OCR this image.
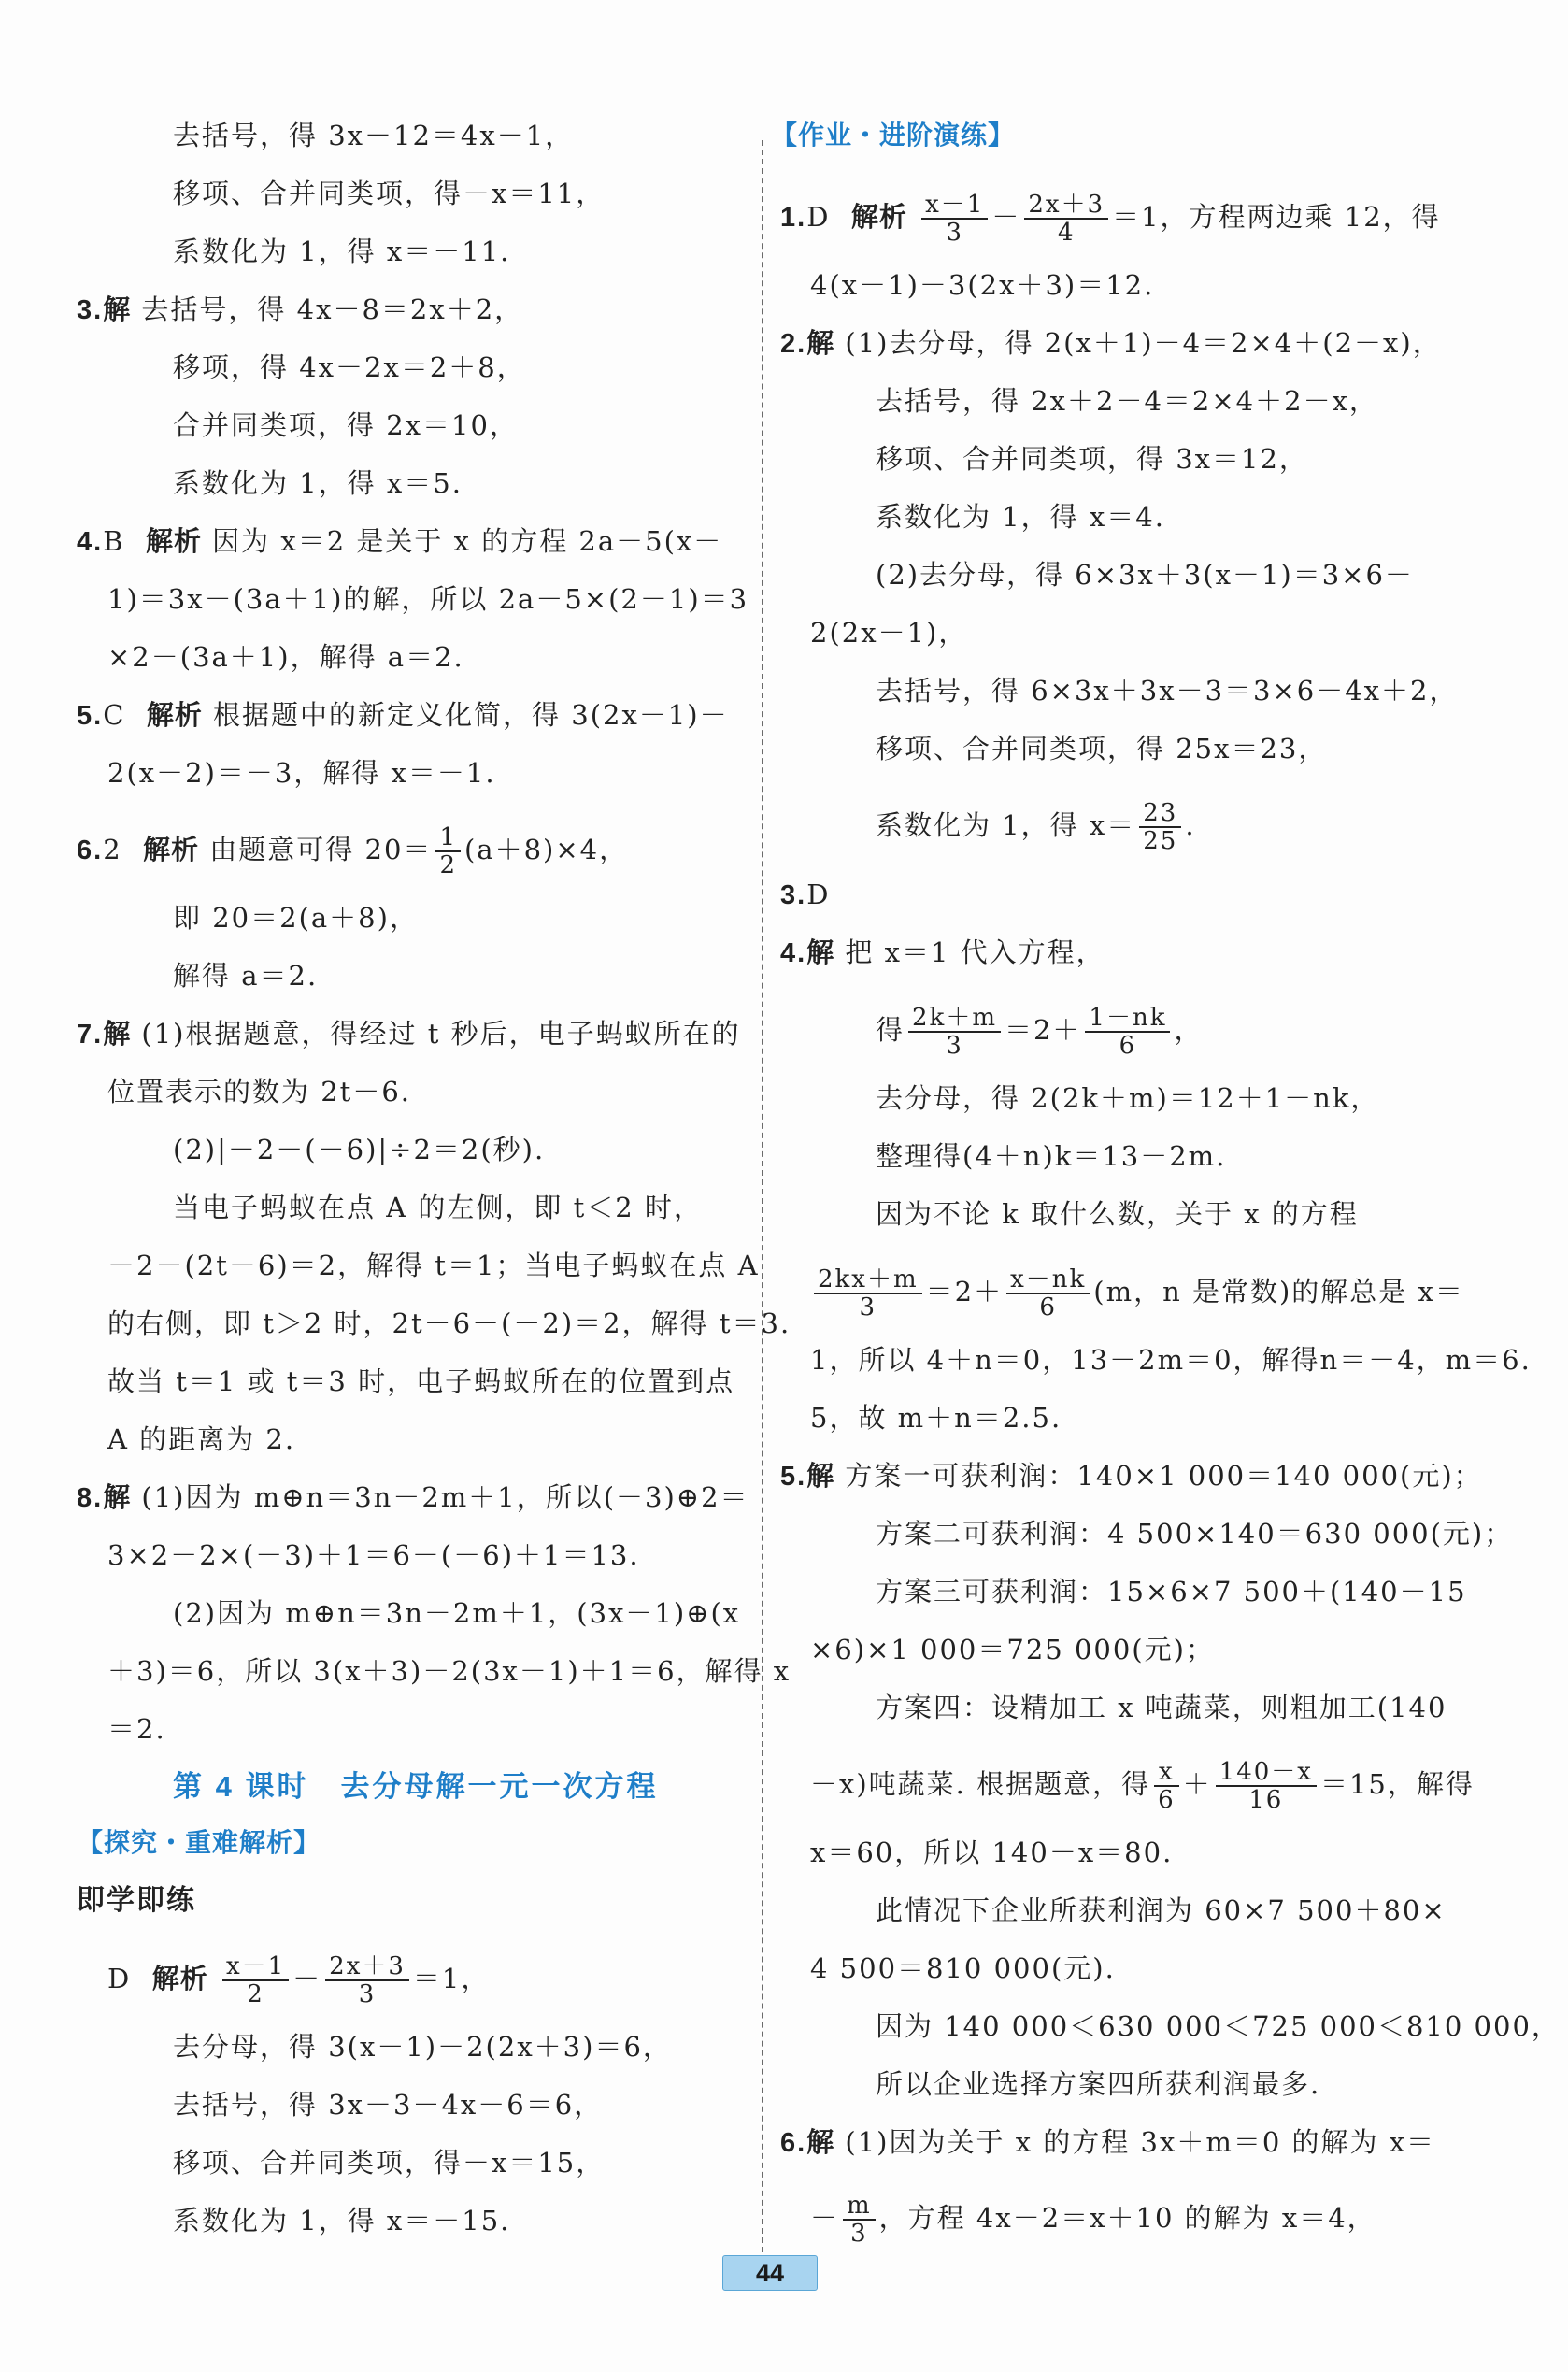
去括号，得 3x－12＝4x－1，
移项、合并同类项，得－x＝11，
系数化为 1，得 x＝－11.
3.解 去括号，得 4x－8＝2x＋2，
移项，得 4x－2x＝2＋8，
合并同类项，得 2x＝10，
系数化为 1，得 x＝5.
4.B 解析 因为 x＝2 是关于 x 的方程 2a－5(x－
1)＝3x－(3a＋1)的解，所以 2a－5×(2－1)＝3
×2－(3a＋1)，解得 a＝2.
5.C 解析 根据题中的新定义化简，得 3(2x－1)－
2(x－2)＝－3，解得 x＝－1.
6.2 解析 由题意可得 $20= \frac{1}{2} (a+8)\times 4$，
即 20＝2(a＋8)，
解得 a＝2.
7.解 (1)根据题意，得经过 t 秒后，电子蚂蚁所在的
位置表示的数为 2t－6.
(2)|－2－(－6)|÷2＝2(秒).
当电子蚂蚁在点 A 的左侧，即 t＜2 时，
－2－(2t－6)＝2，解得 t＝1；当电子蚂蚁在点 A
的右侧，即 t＞2 时，2t－6－(－2)＝2，解得 t＝3.
故当 t＝1 或 t＝3 时，电子蚂蚁所在的位置到点
A 的距离为 2.
8.解 (1)因为 m⊕n＝3n－2m＋1，所以(－3)⊕2＝
3×2－2×(－3)＋1＝6－(－6)＋1＝13.
(2)因为 m⊕n＝3n－2m＋1，(3x－1)⊕(x
＋3)＝6，所以 3(x＋3)－2(3x－1)＋1＝6，解得 x
＝2.
第 4 课时　去分母解一元一次方程
【探究・重难解析】
即学即练
D 解析 $\frac{x-1}{2} - \frac{2x+3}{3} =1$，
去分母，得 3(x－1)－2(2x＋3)＝6，
去括号，得 3x－3－4x－6＝6，
移项、合并同类项，得－x＝15，
系数化为 1，得 x＝－15.
【作业・进阶演练】
1.D 解析 $\frac{x-1}{3} - \frac{2x+3}{4} =1$，方程两边乘 12，得
4(x－1)－3(2x＋3)＝12.
2.解 (1)去分母，得 2(x＋1)－4＝2×4＋(2－x)，
去括号，得 2x＋2－4＝2×4＋2－x，
移项、合并同类项，得 3x＝12，
系数化为 1，得 x＝4.
(2)去分母，得 6×3x＋3(x－1)＝3×6－
2(2x－1)，
去括号，得 6×3x＋3x－3＝3×6－4x＋2，
移项、合并同类项，得 25x＝23，
系数化为 1，得 $x= \frac{23}{25}$ .
3.D
4.解 把 x＝1 代入方程，
得 $\frac{2k+m}{3} =2+ \frac{1-nk}{6}$ ，
去分母，得 2(2k＋m)＝12＋1－nk，
整理得(4＋n)k＝13－2m.
因为不论 k 取什么数，关于 x 的方程
$\frac{2kx+m}{3} =2+ \frac{x-nk}{6} (m$，n 是常数)的解总是 x＝
1，所以 4＋n＝0，13－2m＝0，解得n＝－4，m＝6.
5，故 m＋n＝2.5.
5.解 方案一可获利润：140×1 000＝140 000(元)；
方案二可获利润：4 500×140＝630 000(元)；
方案三可获利润：15×6×7 500＋(140－15
×6)×1 000＝725 000(元)；
方案四：设精加工 x 吨蔬菜，则粗加工(140
－x)吨蔬菜. 根据题意，得 $\frac{x}{6} + \frac{140-x}{16} =15$，解得
x＝60，所以 140－x＝80.
此情况下企业所获利润为 60×7 500＋80×
4 500＝810 000(元).
因为 140 000＜630 000＜725 000＜810 000，
所以企业选择方案四所获利润最多.
6.解 (1)因为关于 x 的方程 3x＋m＝0 的解为 x＝
－ $\frac{m}{3}$ ，方程 4x－2＝x＋10 的解为 x＝4，
44
